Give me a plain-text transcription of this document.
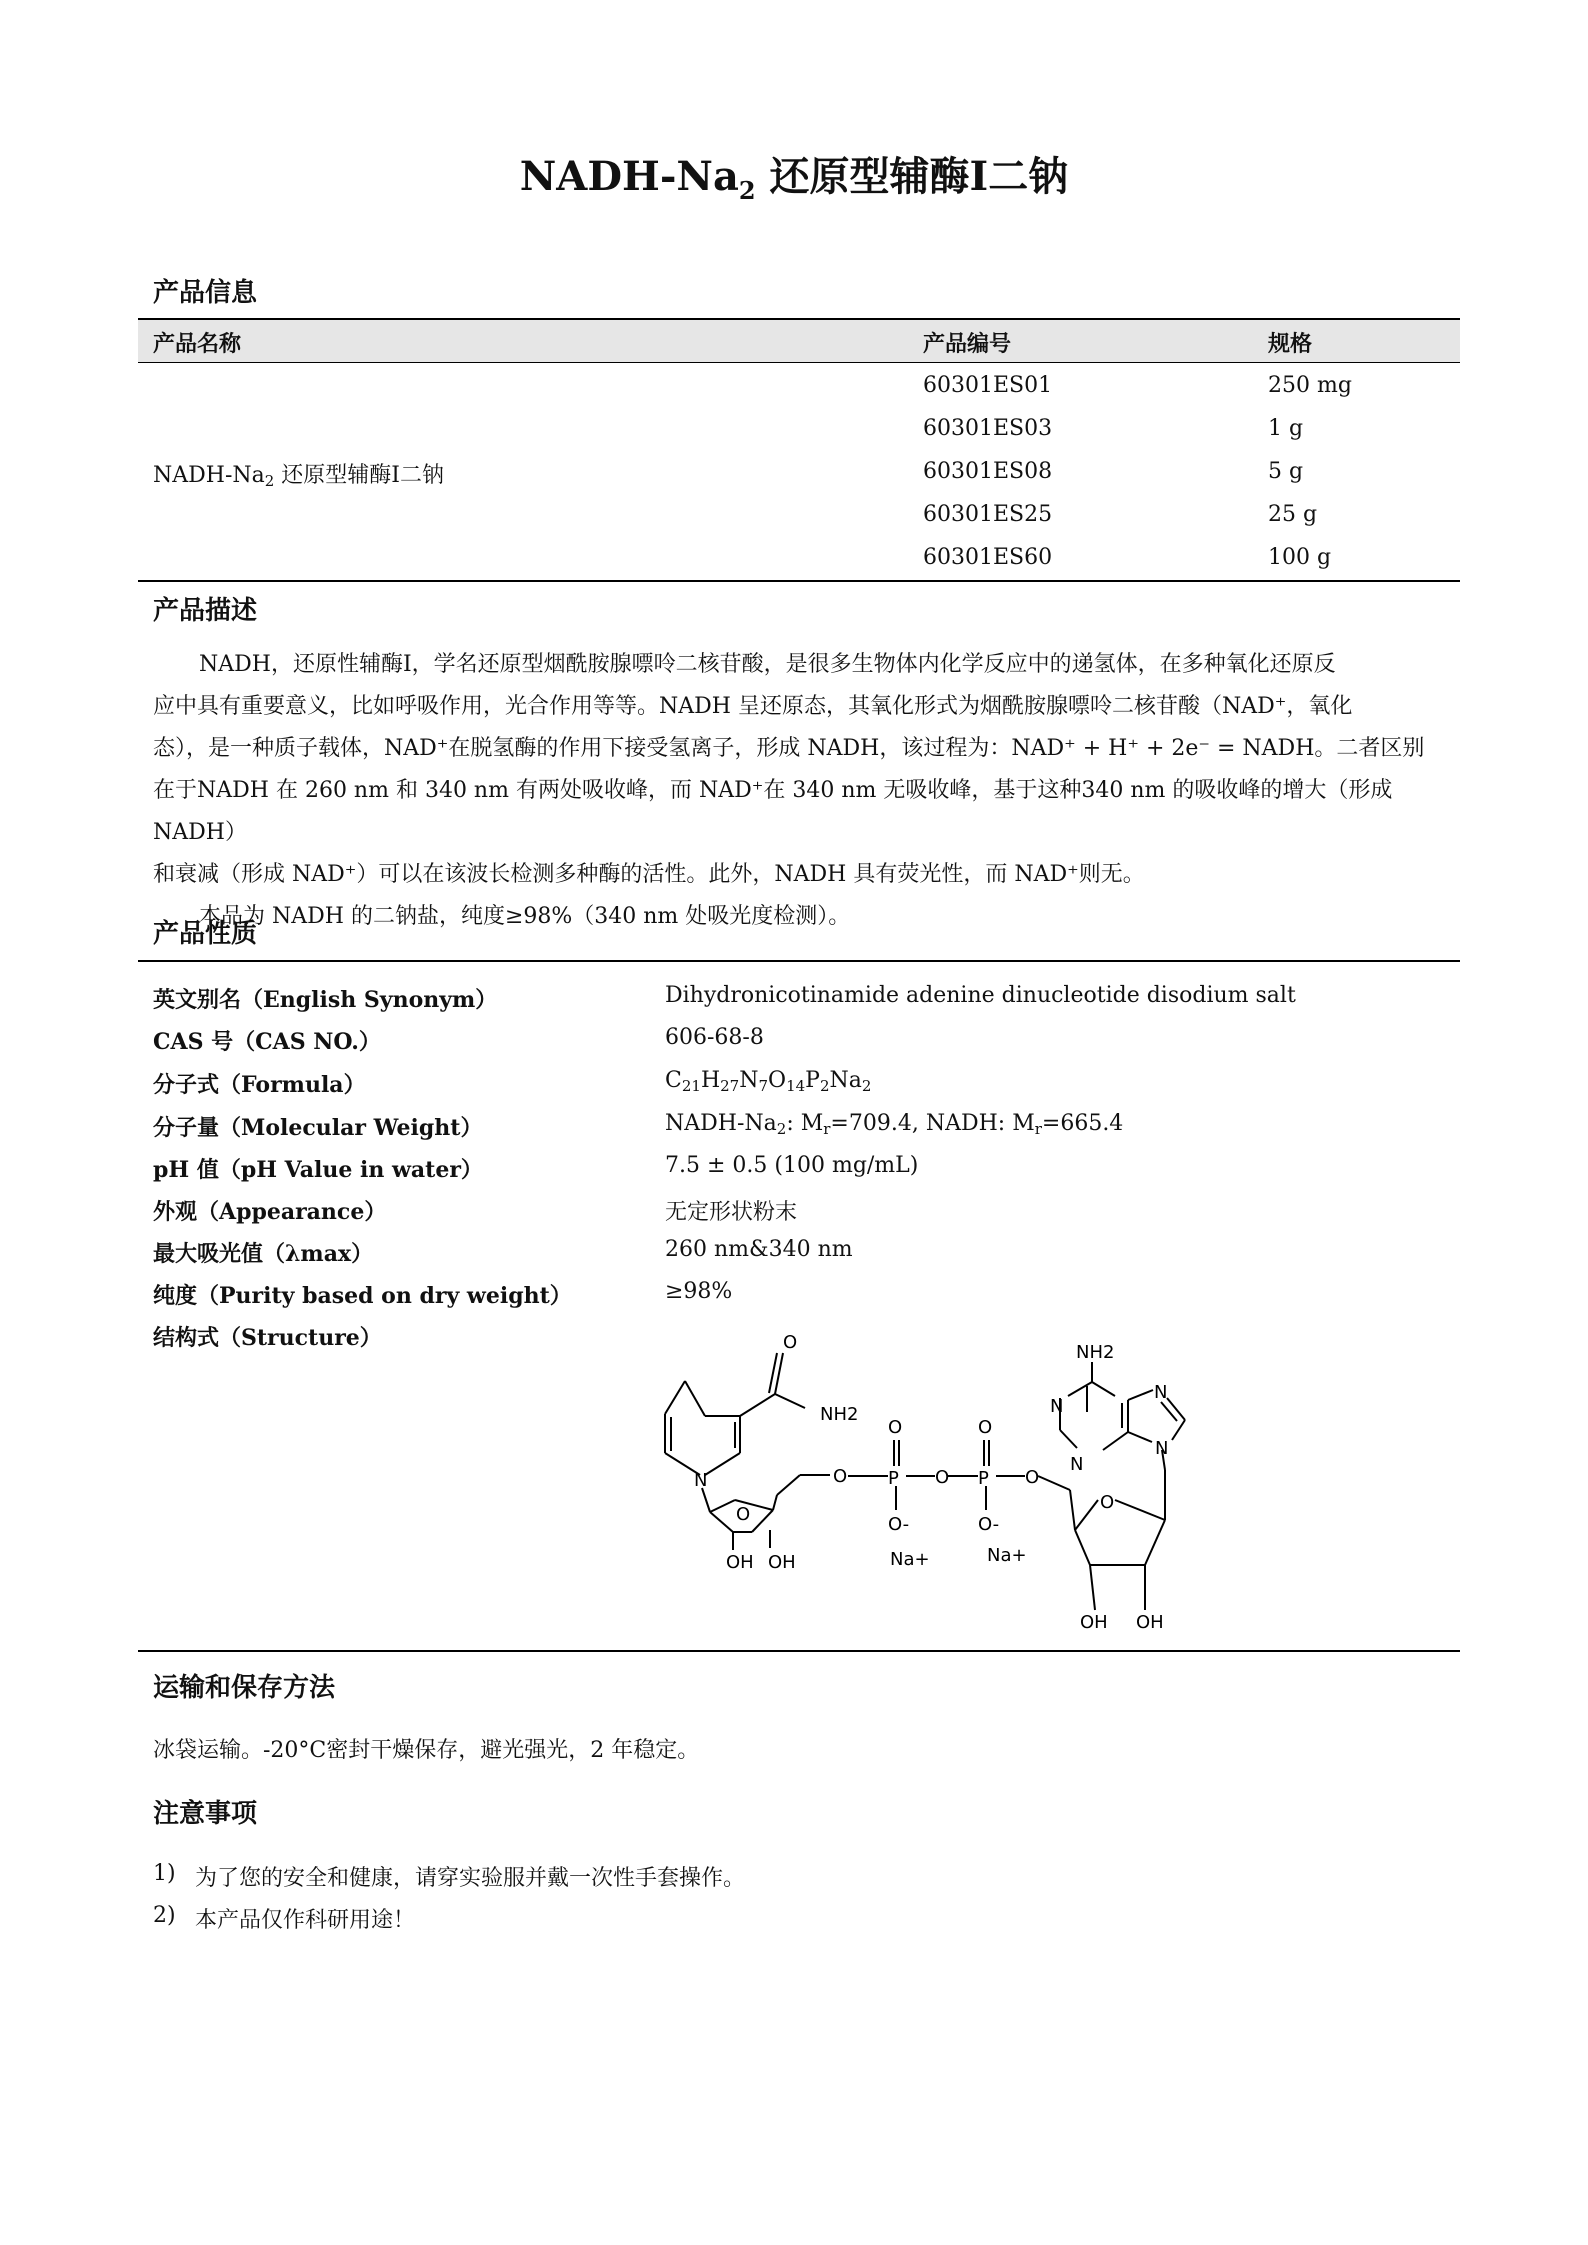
NADH-$Na_2$ 还原型辅酶I二钠
产品信息
产品名称	产品编号	规格
NADH-$Na_2$ 还原型辅酶I二钠
60301ES01	250 mg
60301ES03	1 g
60301ES08	5 g
60301ES25	25 g
60301ES60	100 g
产品描述
NADH，还原性辅酶I，学名还原型烟酰胺腺嘌呤二核苷酸，是很多生物体内化学反应中的递氢体，在多种氧化还原反
应中具有重要意义，比如呼吸作用，光合作用等等。NADH 呈还原态，其氧化形式为烟酰胺腺嘌呤二核苷酸（NAD⁺，氧化
态），是一种质子载体，NAD⁺在脱氢酶的作用下接受氢离子，形成 NADH，该过程为：NAD⁺ + H⁺ + 2e⁻ = NADH。二者区别
在于NADH 在 260 nm 和 340 nm 有两处吸收峰，而 NAD⁺在 340 nm 无吸收峰，基于这种340 nm 的吸收峰的增大（形成NADH）
和衰减（形成 NAD⁺）可以在该波长检测多种酶的活性。此外，NADH 具有荧光性，而 NAD⁺则无。
本品为 NADH 的二钠盐，纯度≥98%（340 nm 处吸光度检测）。
产品性质
英文别名（English Synonym）	Dihydronicotinamide adenine dinucleotide disodium salt
CAS 号（CAS NO.）	606-68-8
分子式（Formula）	$C_{21}H_{27}N_7O_{14}P_2Na_2$
分子量（Molecular Weight）	NADH-$Na_2$: $M_r=709.4$, NADH: $M_r=665.4$
pH 值（pH Value in water）	7.5 ± 0.5 (100 mg/mL)
外观（Appearance）	无定形状粉末
最大吸光值（λmax）	260 nm&340 nm
纯度（Purity based on dry weight）	≥98%
结构式（Structure）	O
NH2
N
O
OH OH
O
O
P
O-
O
O
P
O-
O
Na+	Na+
O
OH OH
NH2
N
N
N
N
运输和保存方法
冰袋运输。-20°C密封干燥保存，避光强光，2 年稳定。
注意事项
1) 为了您的安全和健康，请穿实验服并戴一次性手套操作。
2) 本产品仅作科研用途！
